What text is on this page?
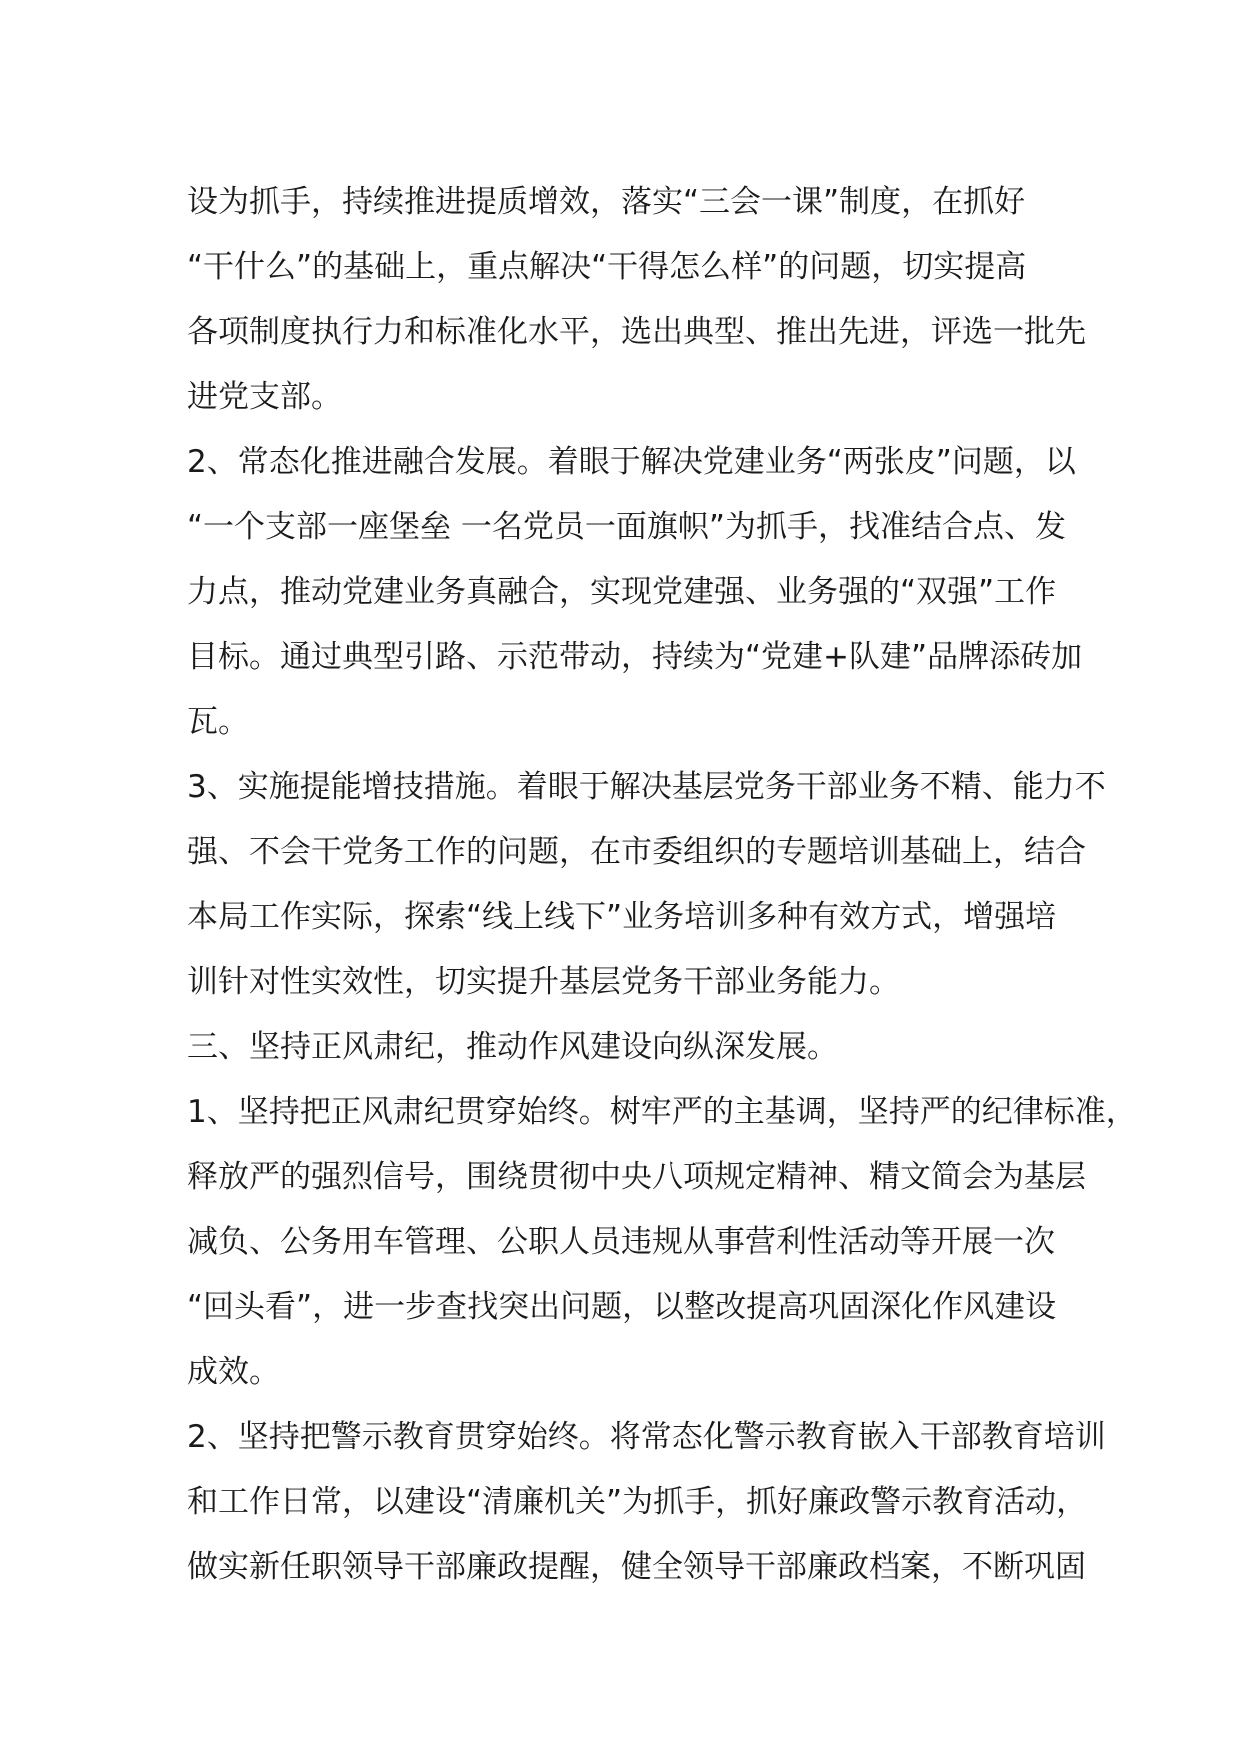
设为抓手，持续推进提质增效，落实“三会一课”制度，在抓好
“干什么”的基础上，重点解决“干得怎么样”的问题，切实提高
各项制度执行力和标准化水平，选出典型、推出先进，评选一批先
进党支部。
2、常态化推进融合发展。着眼于解决党建业务“两张皮”问题，以
“一个支部一座堡垒 一名党员一面旗帜”为抓手，找准结合点、发
力点，推动党建业务真融合，实现党建强、业务强的“双强”工作
目标。通过典型引路、示范带动，持续为“党建+队建”品牌添砖加
瓦。
3、实施提能增技措施。着眼于解决基层党务干部业务不精、能力不
强、不会干党务工作的问题，在市委组织的专题培训基础上，结合
本局工作实际，探索“线上线下”业务培训多种有效方式，增强培
训针对性实效性，切实提升基层党务干部业务能力。
三、坚持正风肃纪，推动作风建设向纵深发展。
1、坚持把正风肃纪贯穿始终。树牢严的主基调，坚持严的纪律标准，
释放严的强烈信号，围绕贯彻中央八项规定精神、精文简会为基层
减负、公务用车管理、公职人员违规从事营利性活动等开展一次
“回头看”，进一步查找突出问题，以整改提高巩固深化作风建设
成效。
2、坚持把警示教育贯穿始终。将常态化警示教育嵌入干部教育培训
和工作日常，以建设“清廉机关”为抓手，抓好廉政警示教育活动，
做实新任职领导干部廉政提醒，健全领导干部廉政档案，不断巩固
